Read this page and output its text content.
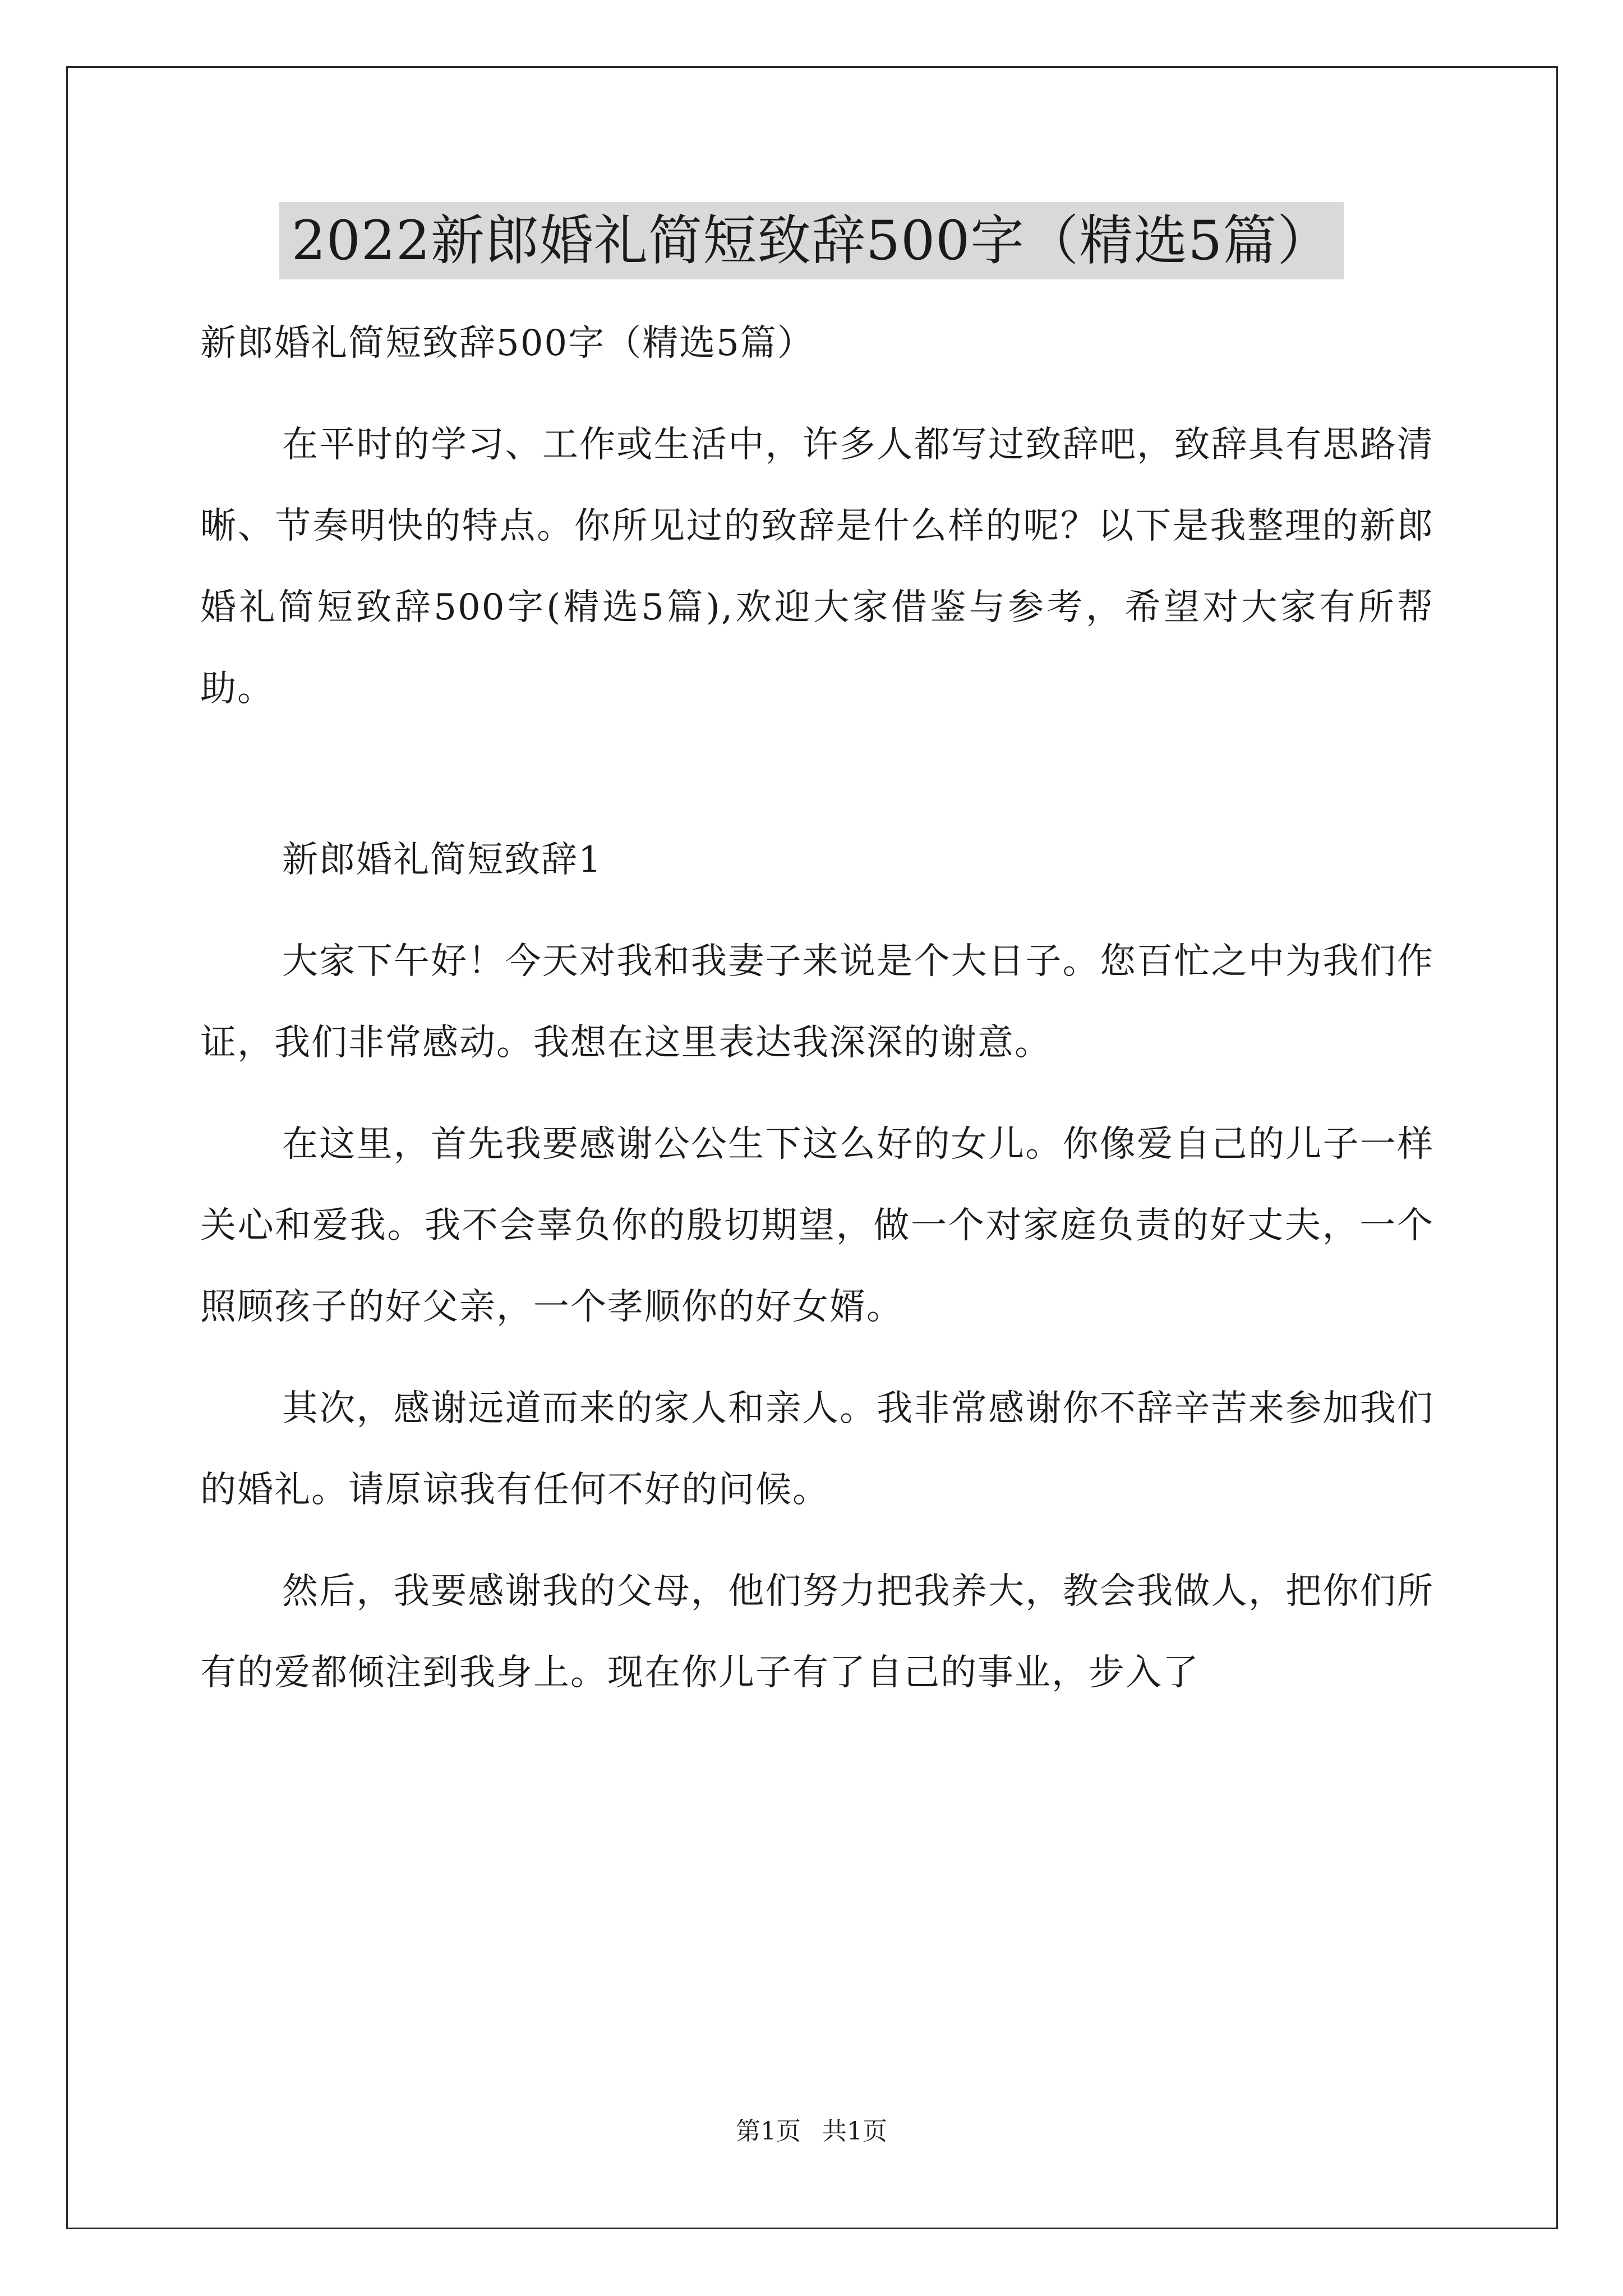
2022新郎婚礼简短致辞500字（精选5篇）

新郎婚礼简短致辞500字（精选5篇）

在平时的学习、工作或生活中，许多人都写过致辞吧，致辞具有思路清晰、节奏明快的特点。你所见过的致辞是什么样的呢？以下是我整理的新郎婚礼简短致辞500字(精选5篇),欢迎大家借鉴与参考，希望对大家有所帮助。

新郎婚礼简短致辞1

大家下午好！今天对我和我妻子来说是个大日子。您百忙之中为我们作证，我们非常感动。我想在这里表达我深深的谢意。

在这里，首先我要感谢公公生下这么好的女儿。你像爱自己的儿子一样关心和爱我。我不会辜负你的殷切期望，做一个对家庭负责的好丈夫，一个照顾孩子的好父亲，一个孝顺你的好女婿。

其次，感谢远道而来的家人和亲人。我非常感谢你不辞辛苦来参加我们的婚礼。请原谅我有任何不好的问候。

然后，我要感谢我的父母，他们努力把我养大，教会我做人，把你们所有的爱都倾注到我身上。现在你儿子有了自己的事业，步入了

第1页 共1页
